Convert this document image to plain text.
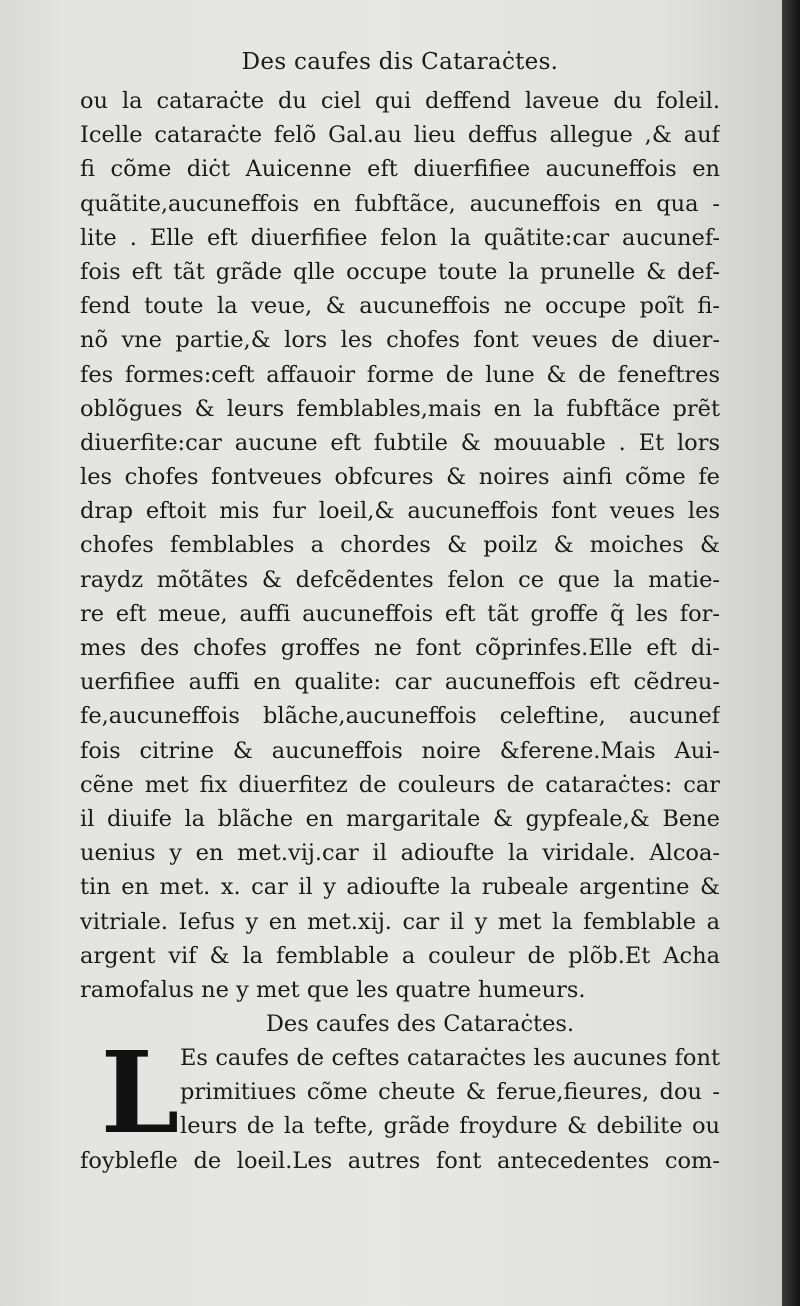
Des caufes dis Cataraċtes.
ou la cataraċte du ciel qui deffend laveue du foleil.
Icelle cataraċte felõ Gal.au lieu deffus allegue ,& auf
fi cõme diċt Auicenne eft diuerfifiee aucuneffois en
quãtite,aucuneffois en fubftãce, aucuneffois en qua -
lite . Elle eft diuerfifiee felon la quãtite:car aucunef-
fois eft tãt grãde qlle occupe toute la prunelle & def-
fend toute la veue, & aucuneffois ne occupe poĩt fi-
nõ vne partie,& lors les chofes font veues de diuer-
fes formes:ceft affauoir forme de lune & de feneftres
oblõgues & leurs femblables,mais en la fubftãce prẽt
diuerfite:car aucune eft fubtile & mouuable . Et lors
les chofes fontveues obfcures & noires ainfi cõme fe
drap eftoit mis fur loeil,& aucuneffois font veues les
chofes femblables a chordes & poilz & moiches &
raydz mõtãtes & defcẽdentes felon ce que la matie-
re eft meue, auffi aucuneffois eft tãt groffe q̃ les for-
mes des chofes groffes ne font cõprinfes.Elle eft di-
uerfifiee auffi en qualite: car aucuneffois eft cẽdreu-
fe,aucuneffois blãche,aucuneffois celeftine, aucunef
fois citrine & aucuneffois noire &ferene.Mais Aui-
cẽne met fix diuerfitez de couleurs de cataraċtes: car
il diuife la blãche en margaritale & gypfeale,& Bene
uenius y en met.vij.car il adioufte la viridale. Alcoa-
tin en met. x. car il y adioufte la rubeale argentine &
vitriale. Iefus y en met.xij. car il y met la femblable a
argent vif & la femblable a couleur de plõb.Et Acha
ramofalus ne y met que les quatre humeurs.
Des caufes des Cataraċtes.
L Es caufes de ceftes cataraċtes les aucunes font
primitiues cõme cheute & ferue,fieures, dou -
leurs de la tefte, grãde froydure & debilite ou
foyblefle de loeil.Les autres font antecedentes com-
